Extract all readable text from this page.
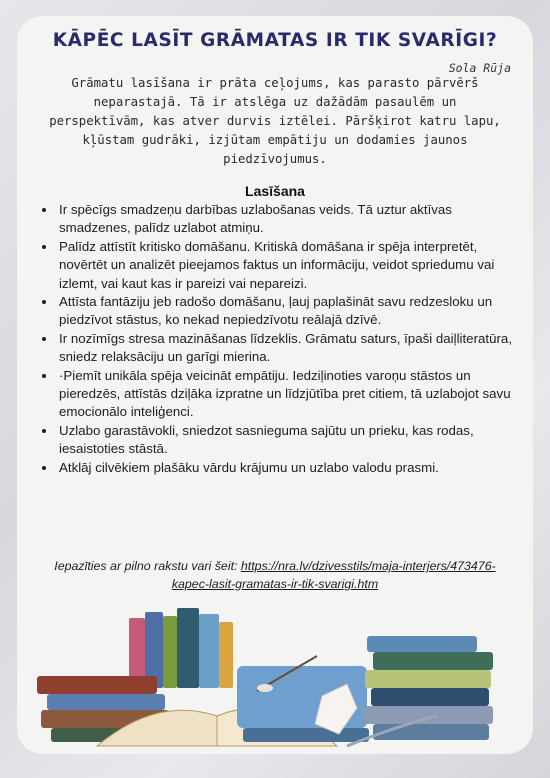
KĀPĒC LASĪT GRĀMATAS IR TIK SVARĪGI?
Sola Rūja
Grāmatu lasīšana ir prāta ceļojums, kas parasto pārvērš neparastajā. Tā ir atslēga uz dažādām pasaulēm un perspektīvām, kas atver durvis iztēlei. Pāršķirot katru lapu, kļūstam gudrāki, izjūtam empātiju un dodamies jaunos piedzīvojumus.
Lasīšana
• Ir spēcīgs smadzeņu darbības uzlabošanas veids. Tā uztur aktīvas smadzenes, palīdz uzlabot atmiņu.
• Palīdz attīstīt kritisko domāšanu. Kritiskā domāšana ir spēja interpretēt, novērtēt un analizēt pieejamos faktus un informāciju, veidot spriedumu vai izlemt, vai kaut kas ir pareizi vai nepareizi.
• Attīsta fantāziju jeb radošo domāšanu, ļauj paplašināt savu redzesloku un piedzīvot stāstus, ko nekad nepiedzīvotu reālajā dzīvē.
• Ir nozīmīgs stresa mazināšanas līdzeklis. Grāmatu saturs, īpaši daiļliteratūra, sniedz relaksāciju un garīgi mierina.
• ·Piemīt unikāla spēja veicināt empātiju. Iedziļinoties varoņu stāstos un pieredzēs, attīstās dziļāka izpratne un līdzjūtība pret citiem, tā uzlabojot savu emocionālo inteliģenci.
• Uzlabo garastāvokli, sniedzot sasnieguma sajūtu un prieku, kas rodas, iesaistoties stāstā.
• Atklāj cilvēkiem plašāku vārdu krājumu un uzlabo valodu prasmi.
Iepazīties ar pilno rakstu vari šeit: https://nra.lv/dzivesstils/maja-interjers/473476-kapec-lasit-gramatas-ir-tik-svarigi.htm
